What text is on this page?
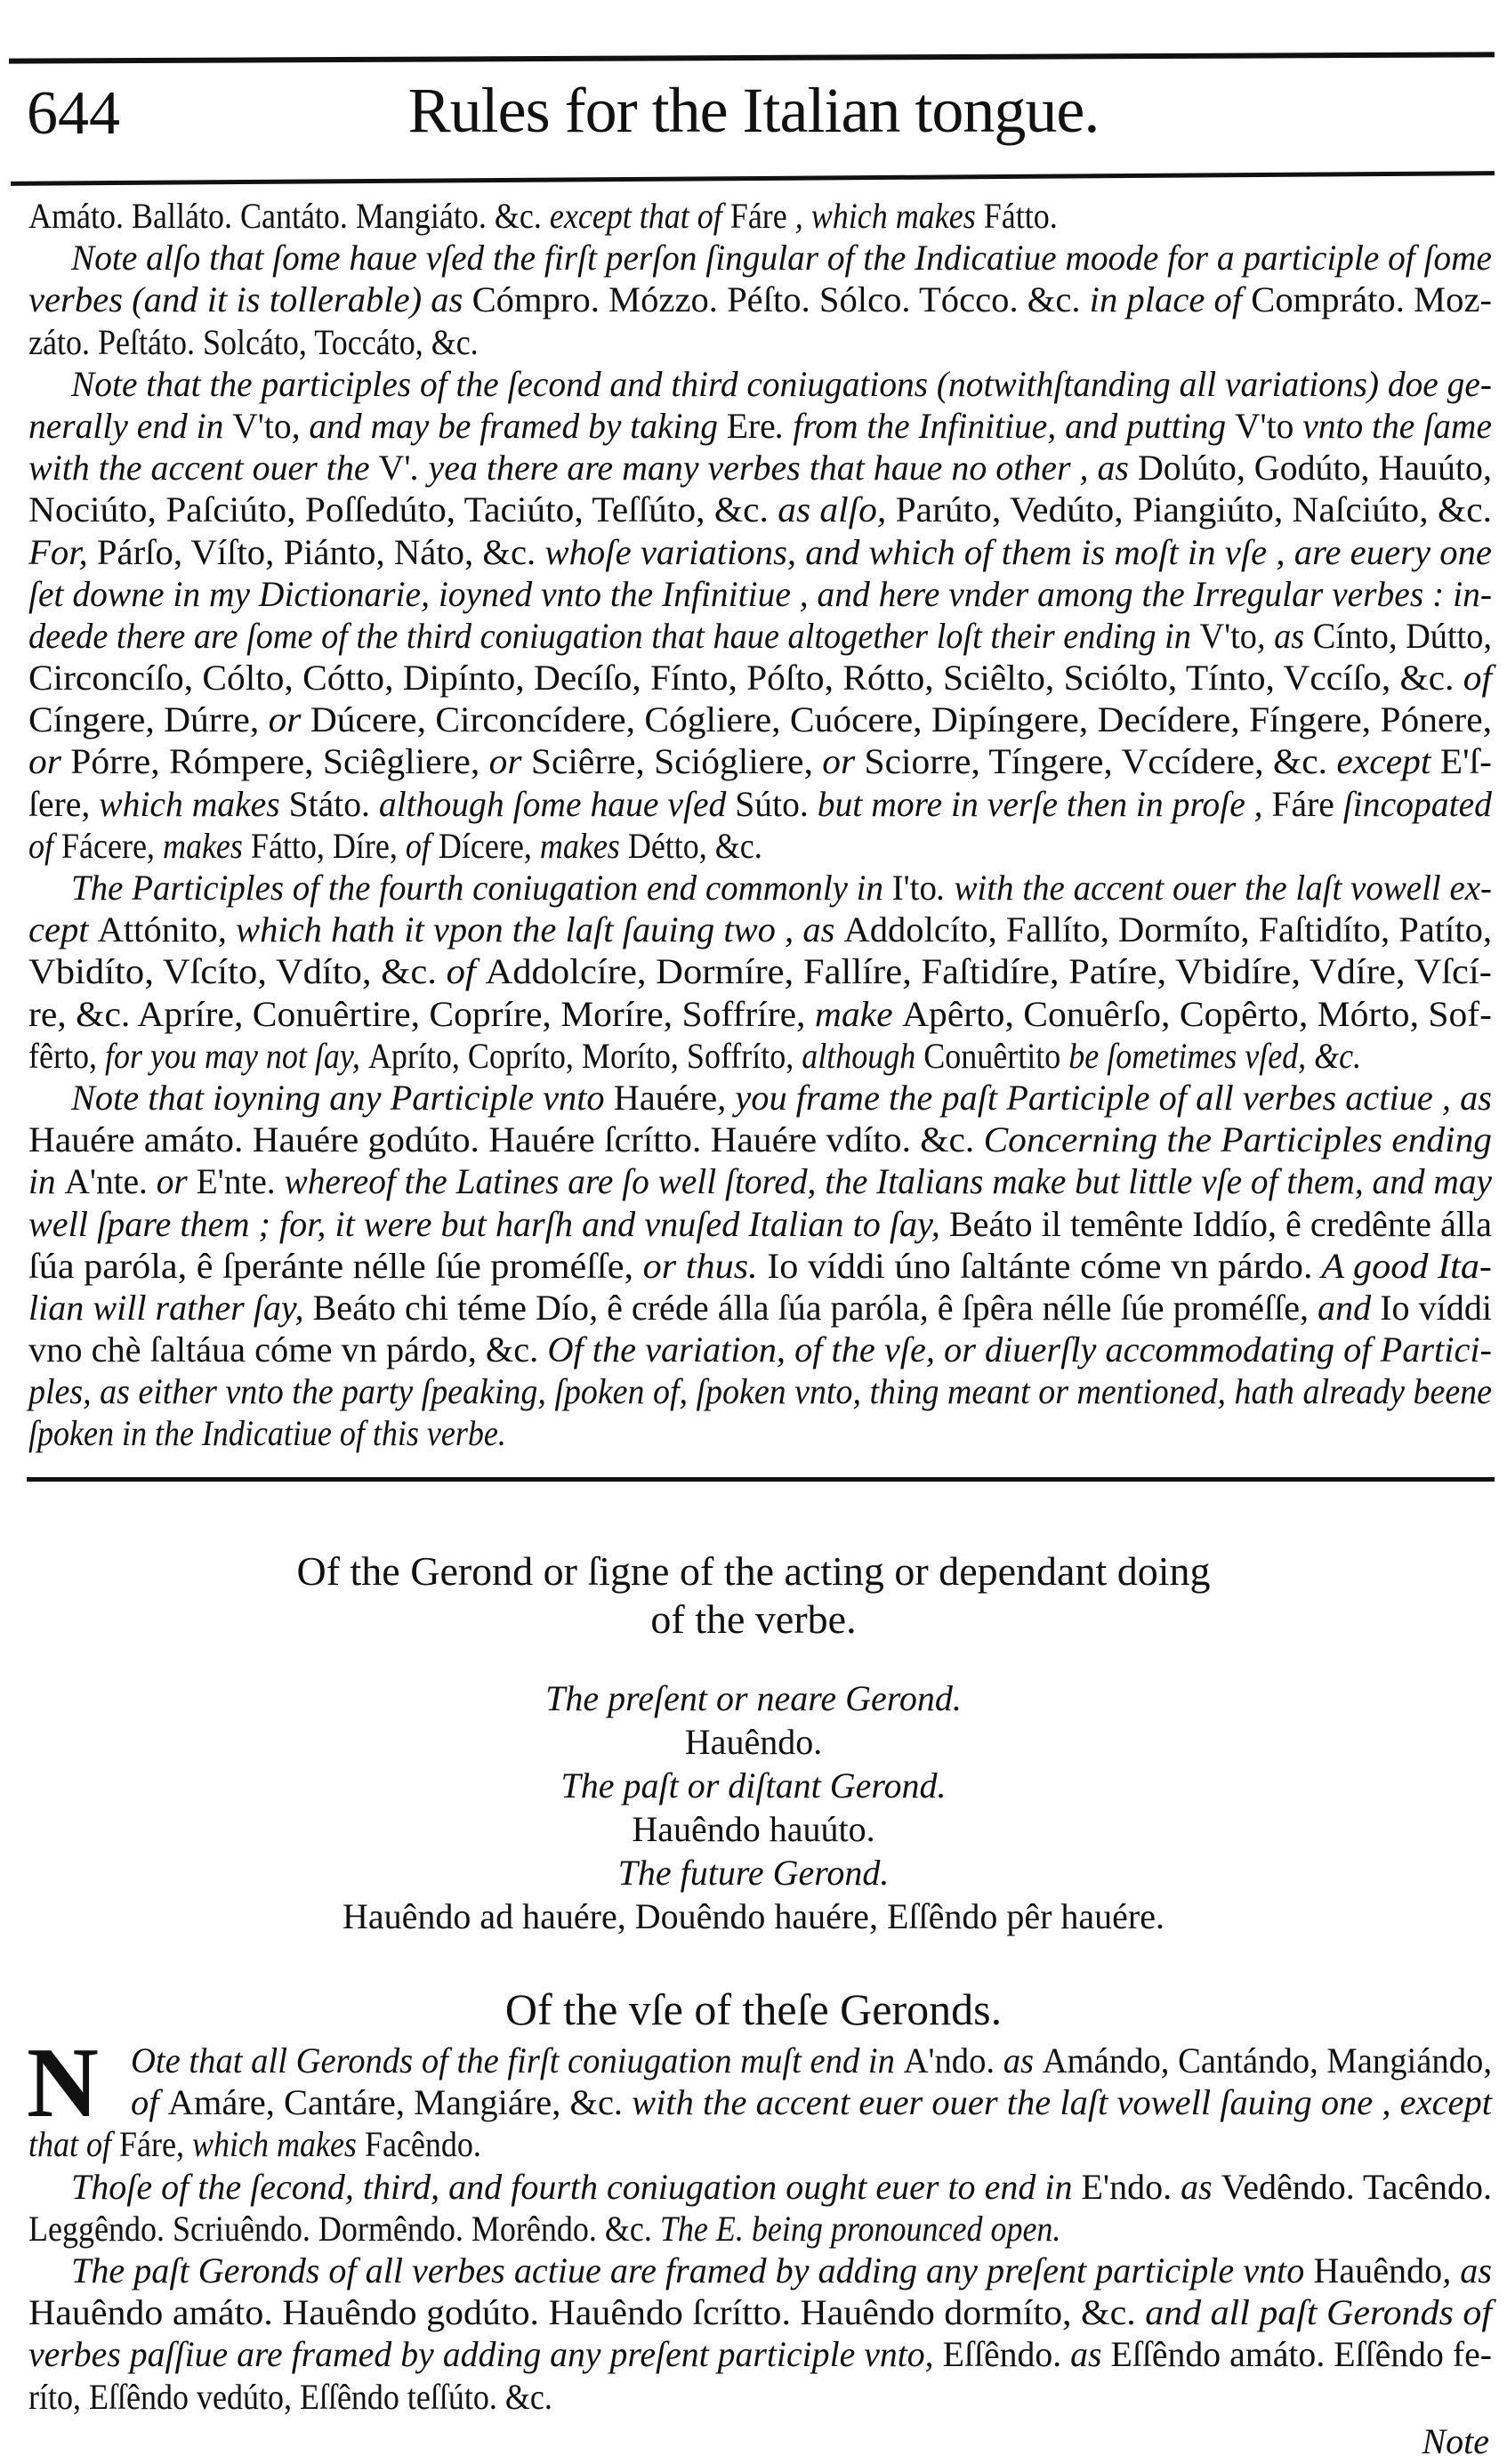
644	Rules for the Italian tongue.
Amáto. Balláto. Cantáto. Mangiáto. &c. except that of Fáre , which makes Fátto.
Note alſo that ſome haue vſed the firſt perſon ſingular of the Indicatiue moode for a participle of ſome
verbes (and it is tollerable) as Cómpro. Mózzo. Péſto. Sólco. Tócco. &c. in place of Compráto. Moz-
záto. Peſtáto. Solcáto, Toccáto, &c.
Note that the participles of the ſecond and third coniugations (notwithſtanding all variations) doe ge-
nerally end in V'to, and may be framed by taking Ere. from the Infinitiue, and putting V'to vnto the ſame
with the accent ouer the V'. yea there are many verbes that haue no other , as Dolúto, Godúto, Hauúto,
Nociúto, Paſciúto, Poſſedúto, Taciúto, Teſſúto, &c. as alſo, Parúto, Vedúto, Piangiúto, Naſciúto, &c.
For, Párſo, Víſto, Piánto, Náto, &c. whoſe variations, and which of them is moſt in vſe , are euery one
ſet downe in my Dictionarie, ioyned vnto the Infinitiue , and here vnder among the Irregular verbes : in-
deede there are ſome of the third coniugation that haue altogether loſt their ending in V'to, as Cínto, Dútto,
Circoncíſo, Cólto, Cótto, Dipínto, Decíſo, Fínto, Póſto, Rótto, Sciêlto, Sciólto, Tínto, Vccíſo, &c. of
Cíngere, Dúrre, or Dúcere, Circoncídere, Cógliere, Cuócere, Dipíngere, Decídere, Fíngere, Pónere,
or Pórre, Rómpere, Sciêgliere, or Sciêrre, Sciógliere, or Sciorre, Tíngere, Vccídere, &c. except E'ſ-
ſere, which makes Státo. although ſome haue vſed Súto. but more in verſe then in proſe , Fáre ſincopated
of Fácere, makes Fátto, Díre, of Dícere, makes Détto, &c.
The Participles of the fourth coniugation end commonly in I'to. with the accent ouer the laſt vowell ex-
cept Attónito, which hath it vpon the laſt ſauing two , as Addolcíto, Fallíto, Dormíto, Faſtidíto, Patíto,
Vbidíto, Vſcíto, Vdíto, &c. of Addolcíre, Dormíre, Fallíre, Faſtidíre, Patíre, Vbidíre, Vdíre, Vſcí-
re, &c. Apríre, Conuêrtire, Copríre, Moríre, Soffríre, make Apêrto, Conuêrſo, Copêrto, Mórto, Sof-
fêrto, for you may not ſay, Apríto, Copríto, Moríto, Soffríto, although Conuêrtito be ſometimes vſed, &c.
Note that ioyning any Participle vnto Hauére, you frame the paſt Participle of all verbes actiue , as
Hauére amáto. Hauére godúto. Hauére ſcrítto. Hauére vdíto. &c. Concerning the Participles ending
in A'nte. or E'nte. whereof the Latines are ſo well ſtored, the Italians make but little vſe of them, and may
well ſpare them ; for, it were but harſh and vnuſed Italian to ſay, Beáto il temênte Iddío, ê credênte álla
ſúa paróla, ê ſperánte nélle ſúe proméſſe, or thus. Io víddi úno ſaltánte cóme vn párdo. A good Ita-
lian will rather ſay, Beáto chi téme Dío, ê créde álla ſúa paróla, ê ſpêra nélle ſúe proméſſe, and Io víddi
vno chè ſaltáua cóme vn párdo, &c. Of the variation, of the vſe, or diuerſly accommodating of Partici-
ples, as either vnto the party ſpeaking, ſpoken of, ſpoken vnto, thing meant or mentioned, hath already beene
ſpoken in the Indicatiue of this verbe.
Of the Gerond or ſigne of the acting or dependant doing
of the verbe.
The preſent or neare Gerond.
Hauêndo.
The paſt or diſtant Gerond.
Hauêndo hauúto.
The future Gerond.
Hauêndo ad hauére, Douêndo hauére, Eſſêndo pêr hauére.
Of the vſe of theſe Geronds.
N Ote that all Geronds of the firſt coniugation muſt end in A'ndo. as Amándo, Cantándo, Mangiándo,
of Amáre, Cantáre, Mangiáre, &c. with the accent euer ouer the laſt vowell ſauing one , except
that of Fáre, which makes Facêndo.
Thoſe of the ſecond, third, and fourth coniugation ought euer to end in E'ndo. as Vedêndo. Tacêndo.
Leggêndo. Scriuêndo. Dormêndo. Morêndo. &c. The E. being pronounced open.
The paſt Geronds of all verbes actiue are framed by adding any preſent participle vnto Hauêndo, as
Hauêndo amáto. Hauêndo godúto. Hauêndo ſcrítto. Hauêndo dormíto, &c. and all paſt Geronds of
verbes paſſiue are framed by adding any preſent participle vnto, Eſſêndo. as Eſſêndo amáto. Eſſêndo fe-
ríto, Eſſêndo vedúto, Eſſêndo teſſúto. &c.
Note
